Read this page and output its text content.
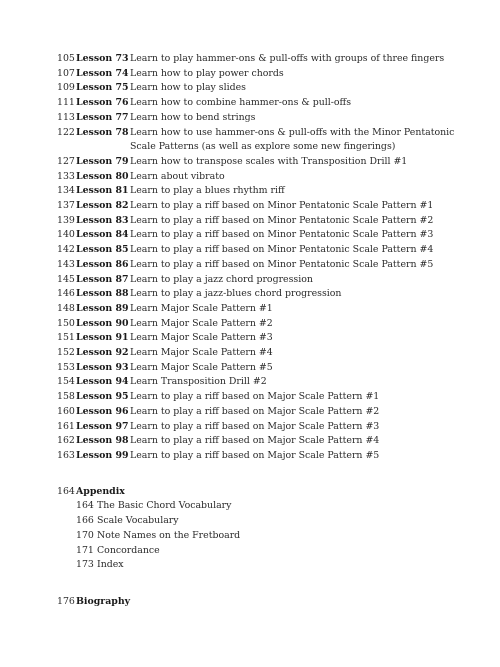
105 Lesson 73 Learn to play hammer-ons & pull-offs with groups of three fingers
107 Lesson 74 Learn how to play power chords
109 Lesson 75 Learn how to play slides
111 Lesson 76 Learn how to combine hammer-ons & pull-offs
113 Lesson 77 Learn how to bend strings
122 Lesson 78 Learn how to use hammer-ons & pull-offs with the Minor Pentatonic Scale Patterns (as well as explore some new fingerings)
127 Lesson 79 Learn how to transpose scales with Transposition Drill #1
133 Lesson 80 Learn about vibrato
134 Lesson 81 Learn to play a blues rhythm riff
137 Lesson 82 Learn to play a riff based on Minor Pentatonic Scale Pattern #1
139 Lesson 83 Learn to play a riff based on Minor Pentatonic Scale Pattern #2
140 Lesson 84 Learn to play a riff based on Minor Pentatonic Scale Pattern #3
142 Lesson 85 Learn to play a riff based on Minor Pentatonic Scale Pattern #4
143 Lesson 86 Learn to play a riff based on Minor Pentatonic Scale Pattern #5
145 Lesson 87 Learn to play a jazz chord progression
146 Lesson 88 Learn to play a jazz-blues chord progression
148 Lesson 89 Learn Major Scale Pattern #1
150 Lesson 90 Learn Major Scale Pattern #2
151 Lesson 91 Learn Major Scale Pattern #3
152 Lesson 92 Learn Major Scale Pattern #4
153 Lesson 93 Learn Major Scale Pattern #5
154 Lesson 94 Learn Transposition Drill #2
158 Lesson 95 Learn to play a riff based on Major Scale Pattern #1
160 Lesson 96 Learn to play a riff based on Major Scale Pattern #2
161 Lesson 97 Learn to play a riff based on Major Scale Pattern #3
162 Lesson 98 Learn to play a riff based on Major Scale Pattern #4
163 Lesson 99 Learn to play a riff based on Major Scale Pattern #5
164 Appendix
164 The Basic Chord Vocabulary
166 Scale Vocabulary
170 Note Names on the Fretboard
171 Concordance
173 Index
176 Biography
